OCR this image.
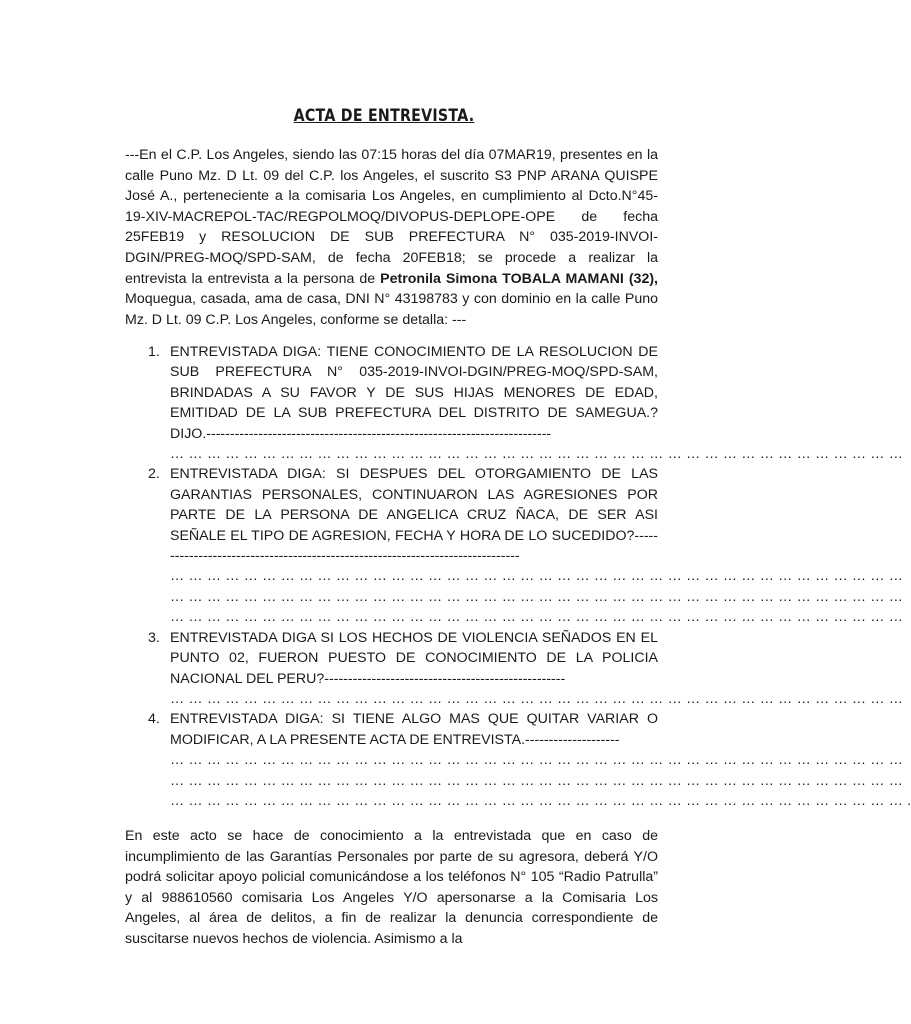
ACTA DE ENTREVISTA.

---En el C.P. Los Angeles, siendo las 07:15 horas del día 07MAR19, presentes en la calle Puno Mz. D Lt. 09 del C.P. los Angeles, el suscrito S3 PNP ARANA QUISPE José A., perteneciente a la comisaria Los Angeles, en cumplimiento al Dcto.N°45-19-XIV-MACREPOL-TAC/REGPOLMOQ/DIVOPUS-DEPLOPE-OPE de fecha 25FEB19 y RESOLUCION DE SUB PREFECTURA N° 035-2019-INVOI-DGIN/PREG-MOQ/SPD-SAM, de fecha 20FEB18; se procede a realizar la entrevista la entrevista a la persona de Petronila Simona TOBALA MAMANI (32), Moquegua, casada, ama de casa, DNI N° 43198783 y con dominio en la calle Puno Mz. D Lt. 09 C.P. Los Angeles, conforme se detalla: ---

1. ENTREVISTADA DIGA: TIENE CONOCIMIENTO DE LA RESOLUCION DE SUB PREFECTURA N° 035-2019-INVOI-DGIN/PREG-MOQ/SPD-SAM, BRINDADAS A SU FAVOR Y DE SUS HIJAS MENORES DE EDAD, EMITIDAD DE LA SUB PREFECTURA DEL DISTRITO DE SAMEGUA.? DIJO.-------------------------------------------------------------------------
… … … … … … … … … … … … … … … … … … … … … … … … … … … … … … … … … … … … … … … …
2. ENTREVISTADA DIGA: SI DESPUES DEL OTORGAMIENTO DE LAS GARANTIAS PERSONALES, CONTINUARON LAS AGRESIONES POR PARTE DE LA PERSONA DE ANGELICA CRUZ ÑACA, DE SER ASI SEÑALE EL TIPO DE AGRESION, FECHA Y HORA DE LO SUCEDIDO?-------------------------------------------------------------------------------
… … … … … … … … … … … … … … … … … … … … … … … … … … … … … … … … … … … … … … … …
… … … … … … … … … … … … … … … … … … … … … … … … … … … … … … … … … … … … … … … …
… … … … … … … … … … … … … … … … … … … … … … … … … … … … … … … … … … … … … … … …
3. ENTREVISTADA DIGA SI LOS HECHOS DE VIOLENCIA SEÑADOS EN EL PUNTO 02, FUERON PUESTO DE CONOCIMIENTO DE LA POLICIA NACIONAL DEL PERU?---------------------------------------------------
… … … … … … … … … … … … … … … … … … … … … … … … … … … … … … … … … … … … … … … …
4. ENTREVISTADA DIGA: SI TIENE ALGO MAS QUE QUITAR VARIAR O MODIFICAR, A LA PRESENTE ACTA DE ENTREVISTA.--------------------
… … … … … … … … … … … … … … … … … … … … … … … … … … … … … … … … … … … … … … … …
… … … … … … … … … … … … … … … … … … … … … … … … … … … … … … … … … … … … … … … …
… … … … … … … … … … … … … … … … … … … … … … … … … … … … … … … … … … … … … … … … .

En este acto se hace de conocimiento a la entrevistada que en caso de incumplimiento de las Garantías Personales por parte de su agresora, deberá Y/O podrá solicitar apoyo policial comunicándose a los teléfonos N° 105 “Radio Patrulla” y al 988610560 comisaria Los Angeles Y/O apersonarse a la Comisaria Los Angeles, al área de delitos, a fin de realizar la denuncia correspondiente de suscitarse nuevos hechos de violencia. Asimismo a la
